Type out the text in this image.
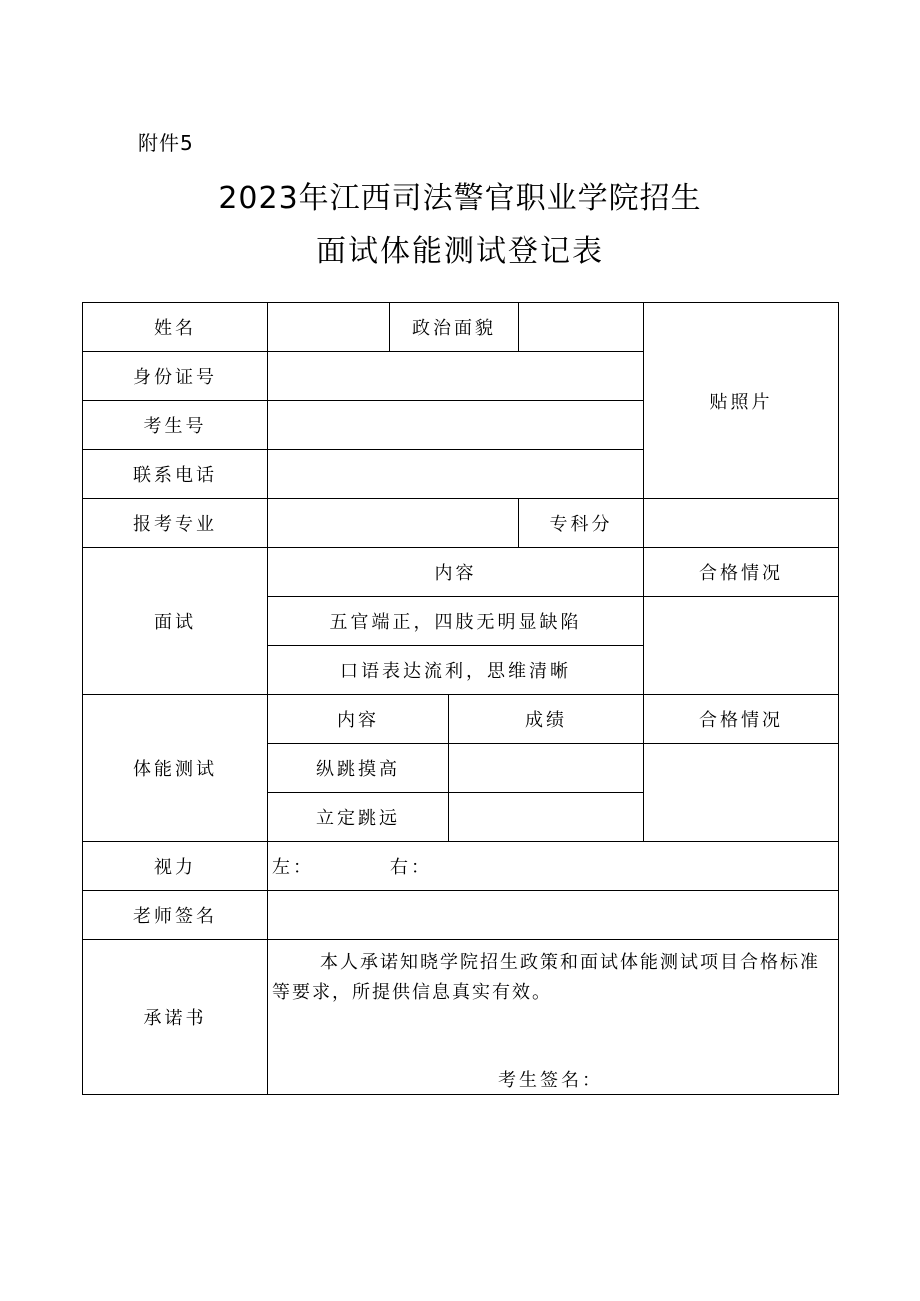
附件5
2023年江西司法警官职业学院招生
面试体能测试登记表
姓名		政治面貌			贴照片
身份证号					
考生号					
联系电话					
报考专业				专科分	
面试	内容				合格情况
	五官端正，四肢无明显缺陷				
	口语表达流利，思维清晰				
体能测试	内容		成绩		合格情况
	纵跳摸高				
	立定跳远				
视力	左： 右：				
老师签名					
承诺书	本人承诺知晓学院招生政策和面试体能测试项目合格标准等要求，所提供信息真实有效。
考生签名：				
